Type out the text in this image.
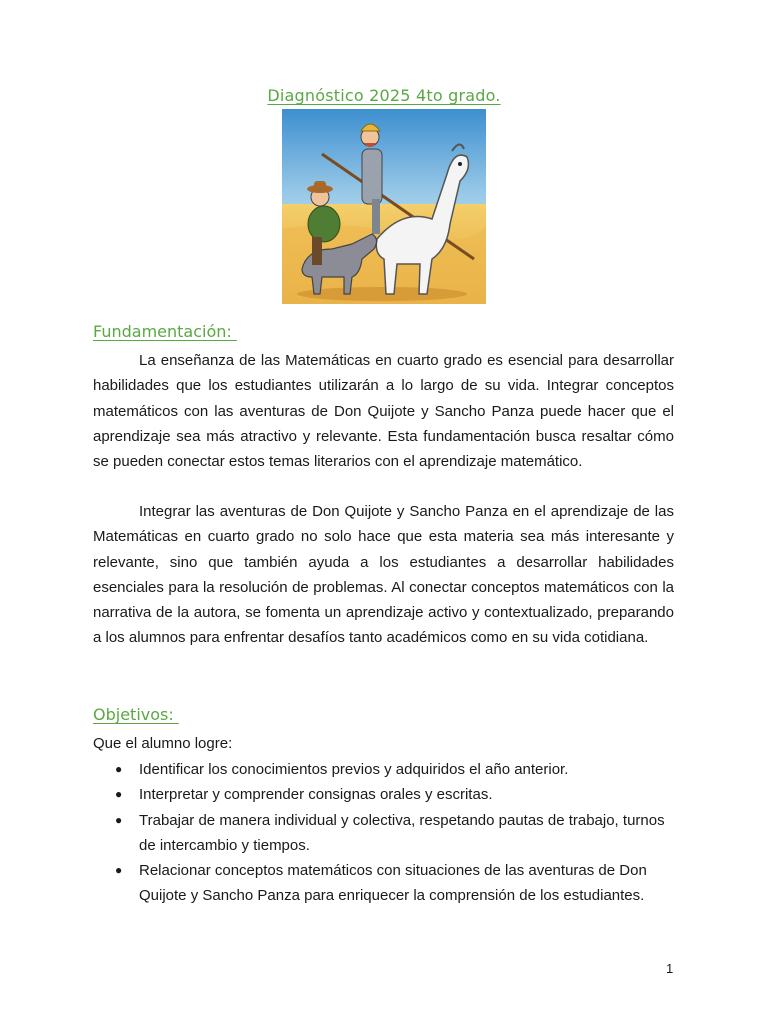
Diagnóstico 2025 4to grado.
Fundamentación:

La enseñanza de las Matemáticas en cuarto grado es esencial para desarrollar habilidades que los estudiantes utilizarán a lo largo de su vida. Integrar conceptos matemáticos con las aventuras de Don Quijote y Sancho Panza puede hacer que el aprendizaje sea más atractivo y relevante. Esta fundamentación busca resaltar cómo se pueden conectar estos temas literarios con el aprendizaje matemático.

Integrar las aventuras de Don Quijote y Sancho Panza en el aprendizaje de las Matemáticas en cuarto grado no solo hace que esta materia sea más interesante y relevante, sino que también ayuda a los estudiantes a desarrollar habilidades esenciales para la resolución de problemas. Al conectar conceptos matemáticos con la narrativa de la autora, se fomenta un aprendizaje activo y contextualizado, preparando a los alumnos para enfrentar desafíos tanto académicos como en su vida cotidiana.

Objetivos:
Que el alumno logre:
● Identificar los conocimientos previos y adquiridos el año anterior.
● Interpretar y comprender consignas orales y escritas.
● Trabajar de manera individual y colectiva, respetando pautas de trabajo, turnos de intercambio y tiempos.
● Relacionar conceptos matemáticos con situaciones de las aventuras de Don Quijote y Sancho Panza para enriquecer la comprensión de los estudiantes.
1
